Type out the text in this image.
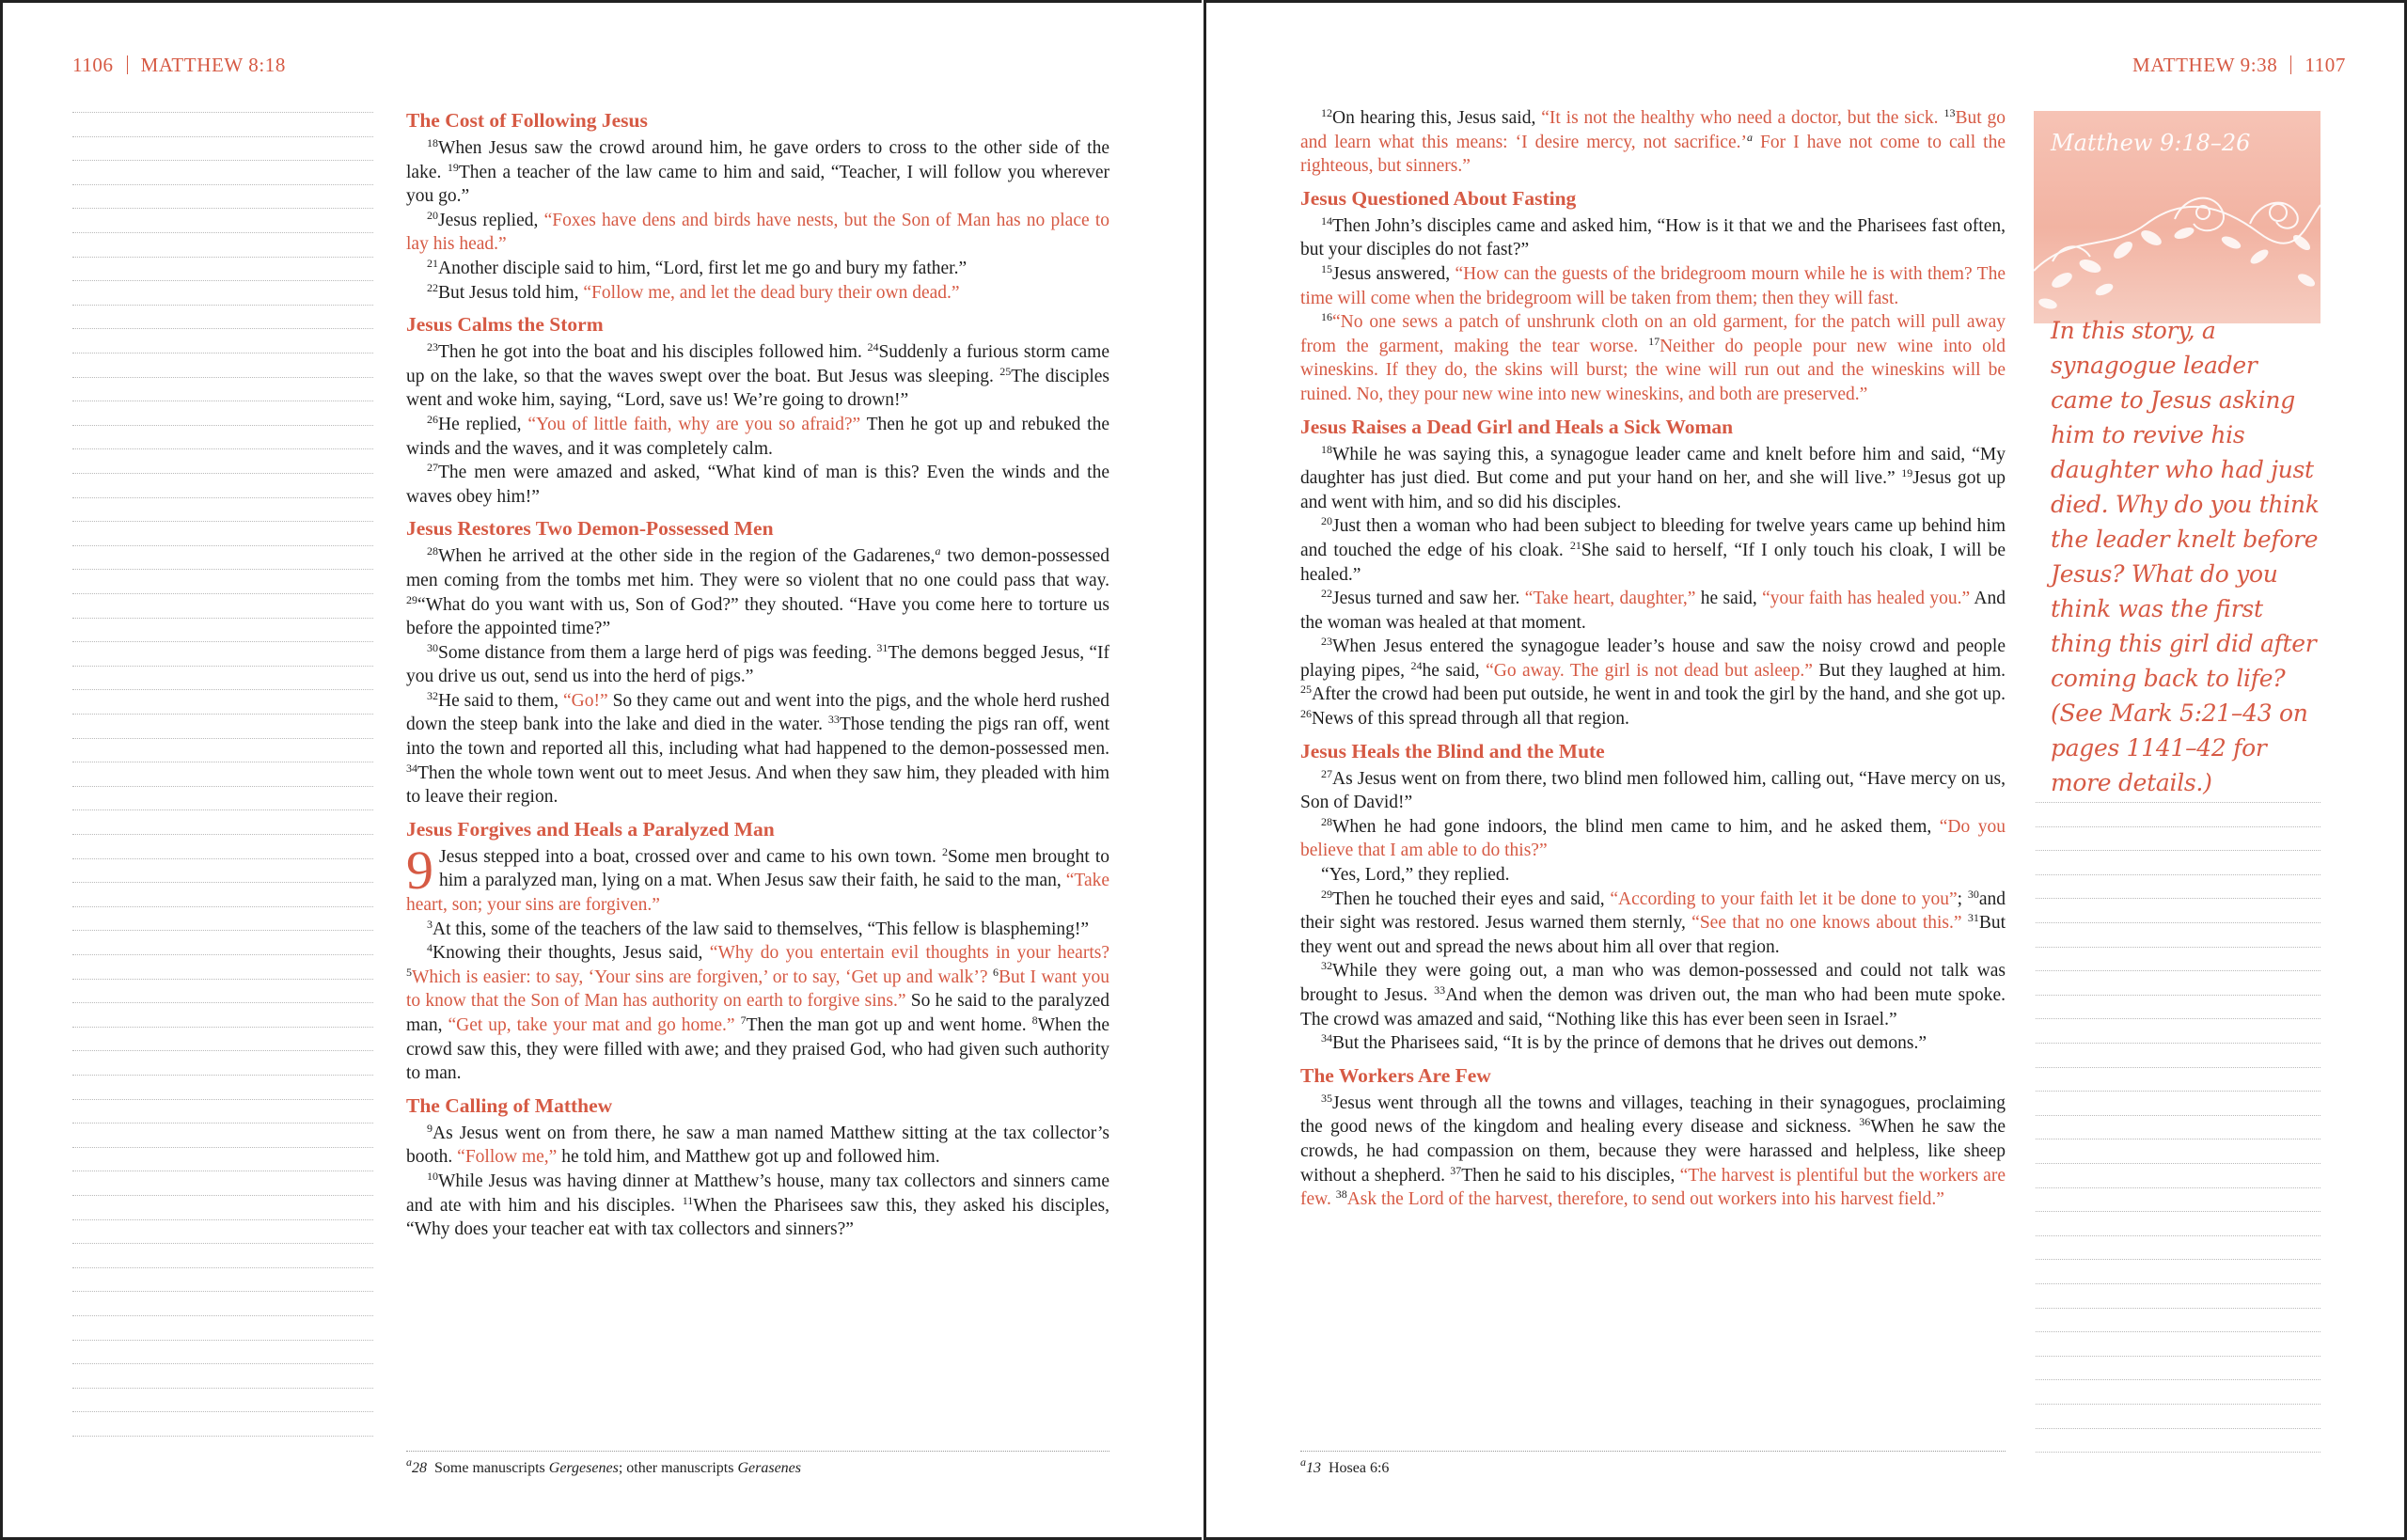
1106 MATTHEW 8:18
The Cost of Following Jesus

$^{18}$When Jesus saw the crowd around him, he gave orders to cross to the other side of the lake. $^{19}$Then a teacher of the law came to him and said, “Teacher, I will follow you wherever you go.”

$^{20}$Jesus replied, “Foxes have dens and birds have nests, but the Son of Man has no place to lay his head.”

$^{21}$Another disciple said to him, “Lord, first let me go and bury my father.”

$^{22}$But Jesus told him, “Follow me, and let the dead bury their own dead.”

Jesus Calms the Storm

$^{23}$Then he got into the boat and his disciples followed him. $^{24}$Suddenly a furious storm came up on the lake, so that the waves swept over the boat. But Jesus was sleeping. $^{25}$The disciples went and woke him, saying, “Lord, save us! We’re going to drown!”

$^{26}$He replied, “You of little faith, why are you so afraid?” Then he got up and rebuked the winds and the waves, and it was completely calm.

$^{27}$The men were amazed and asked, “What kind of man is this? Even the winds and the waves obey him!”

Jesus Restores Two Demon-Possessed Men

$^{28}$When he arrived at the other side in the region of the Gadarenes,$^a$ two demon-possessed men coming from the tombs met him. They were so violent that no one could pass that way. $^{29}$“What do you want with us, Son of God?” they shouted. “Have you come here to torture us before the appointed time?”

$^{30}$Some distance from them a large herd of pigs was feeding. $^{31}$The demons begged Jesus, “If you drive us out, send us into the herd of pigs.”

$^{32}$He said to them, “Go!” So they came out and went into the pigs, and the whole herd rushed down the steep bank into the lake and died in the water. $^{33}$Those tending the pigs ran off, went into the town and reported all this, including what had happened to the demon-possessed men. $^{34}$Then the whole town went out to meet Jesus. And when they saw him, they pleaded with him to leave their region.

Jesus Forgives and Heals a Paralyzed Man

9 Jesus stepped into a boat, crossed over and came to his own town. $^2$Some men brought to him a paralyzed man, lying on a mat. When Jesus saw their faith, he said to the man, “Take heart, son; your sins are forgiven.”

$^3$At this, some of the teachers of the law said to themselves, “This fellow is blaspheming!”

$^4$Knowing their thoughts, Jesus said, “Why do you entertain evil thoughts in your hearts? $^5$Which is easier: to say, ‘Your sins are forgiven,’ or to say, ‘Get up and walk’? $^6$But I want you to know that the Son of Man has authority on earth to forgive sins.” So he said to the paralyzed man, “Get up, take your mat and go home.” $^7$Then the man got up and went home. $^8$When the crowd saw this, they were filled with awe; and they praised God, who had given such authority to man.

The Calling of Matthew

$^9$As Jesus went on from there, he saw a man named Matthew sitting at the tax collector’s booth. “Follow me,” he told him, and Matthew got up and followed him.

$^{10}$While Jesus was having dinner at Matthew’s house, many tax collectors and sinners came and ate with him and his disciples. $^{11}$When the Pharisees saw this, they asked his disciples, “Why does your teacher eat with tax collectors and sinners?”

$^a$28 Some manuscripts Gergesenes; other manuscripts Gerasenes
MATTHEW 9:38 1107

$^{12}$On hearing this, Jesus said, “It is not the healthy who need a doctor, but the sick. $^{13}$But go and learn what this means: ‘I desire mercy, not sacrifice.’$^a$ For I have not come to call the righteous, but sinners.”

Jesus Questioned About Fasting

$^{14}$Then John’s disciples came and asked him, “How is it that we and the Pharisees fast often, but your disciples do not fast?”

$^{15}$Jesus answered, “How can the guests of the bridegroom mourn while he is with them? The time will come when the bridegroom will be taken from them; then they will fast.

$^{16}$“No one sews a patch of unshrunk cloth on an old garment, for the patch will pull away from the garment, making the tear worse. $^{17}$Neither do people pour new wine into old wineskins. If they do, the skins will burst; the wine will run out and the wineskins will be ruined. No, they pour new wine into new wineskins, and both are preserved.”

Jesus Raises a Dead Girl and Heals a Sick Woman

$^{18}$While he was saying this, a synagogue leader came and knelt before him and said, “My daughter has just died. But come and put your hand on her, and she will live.” $^{19}$Jesus got up and went with him, and so did his disciples.

$^{20}$Just then a woman who had been subject to bleeding for twelve years came up behind him and touched the edge of his cloak. $^{21}$She said to herself, “If I only touch his cloak, I will be healed.”

$^{22}$Jesus turned and saw her. “Take heart, daughter,” he said, “your faith has healed you.” And the woman was healed at that moment.

$^{23}$When Jesus entered the synagogue leader’s house and saw the noisy crowd and people playing pipes, $^{24}$he said, “Go away. The girl is not dead but asleep.” But they laughed at him. $^{25}$After the crowd had been put outside, he went in and took the girl by the hand, and she got up. $^{26}$News of this spread through all that region.

Jesus Heals the Blind and the Mute

$^{27}$As Jesus went on from there, two blind men followed him, calling out, “Have mercy on us, Son of David!”

$^{28}$When he had gone indoors, the blind men came to him, and he asked them, “Do you believe that I am able to do this?”

“Yes, Lord,” they replied.

$^{29}$Then he touched their eyes and said, “According to your faith let it be done to you”; $^{30}$and their sight was restored. Jesus warned them sternly, “See that no one knows about this.” $^{31}$But they went out and spread the news about him all over that region.

$^{32}$While they were going out, a man who was demon-possessed and could not talk was brought to Jesus. $^{33}$And when the demon was driven out, the man who had been mute spoke. The crowd was amazed and said, “Nothing like this has ever been seen in Israel.”

$^{34}$But the Pharisees said, “It is by the prince of demons that he drives out demons.”

The Workers Are Few

$^{35}$Jesus went through all the towns and villages, teaching in their synagogues, proclaiming the good news of the kingdom and healing every disease and sickness. $^{36}$When he saw the crowds, he had compassion on them, because they were harassed and helpless, like sheep without a shepherd. $^{37}$Then he said to his disciples, “The harvest is plentiful but the workers are few. $^{38}$Ask the Lord of the harvest, therefore, to send out workers into his harvest field.”

Matthew 9:18–26
In this story, a synagogue leader came to Jesus asking him to revive his daughter who had just died. Why do you think the leader knelt before Jesus? What do you think was the first thing this girl did after coming back to life? (See Mark 5:21–43 on pages 1141–42 for more details.)
$^a$13 Hosea 6:6
